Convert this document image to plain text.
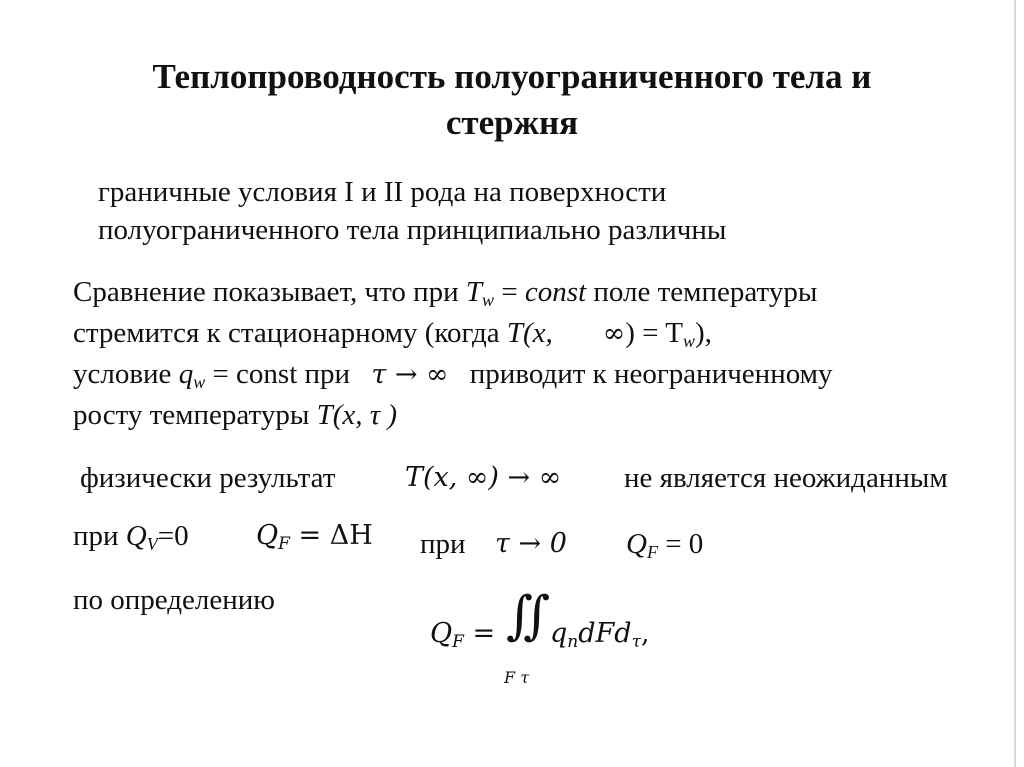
Теплопроводность полуограниченного тела и
стержня
граничные условия I и II рода на поверхности
полуограниченного тела принципиально различны
Сравнение показывает, что при $T_w$ = const поле температуры
стремится к стационарному (когда T(x, ∞) = $T_w$),
условие $q_w$ = const при τ → ∞ приводит к неограниченному
росту температуры T(x, τ )
физически результат	T(x, ∞) → ∞ не является неожиданным
при $Q_V=0$ $Q_F = \Delta H$ при τ → 0 $Q_F = 0$
по определению
$Q_F$ = ∬
F τ
$q_ndFd_\tau$,
